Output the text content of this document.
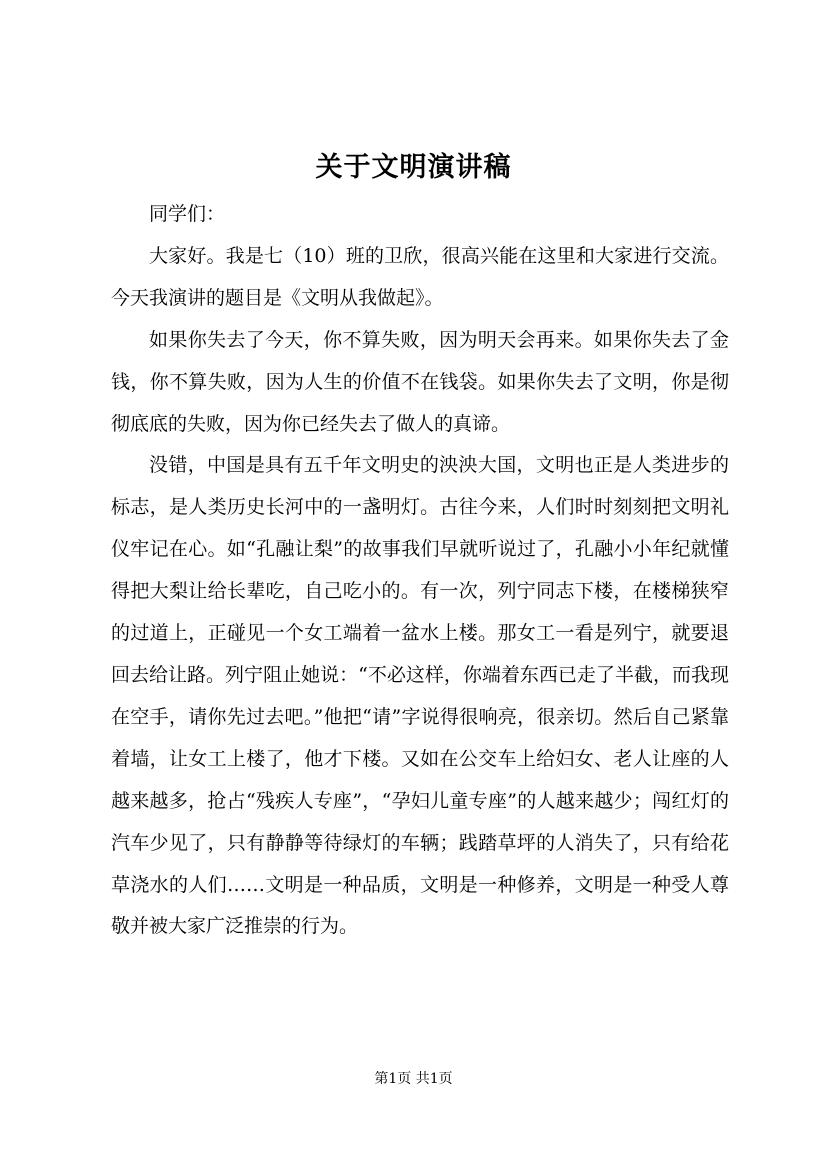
关于文明演讲稿

同学们：

大家好。我是七（10）班的卫欣，很高兴能在这里和大家进行交流。今天我演讲的题目是《文明从我做起》。

如果你失去了今天，你不算失败，因为明天会再来。如果你失去了金钱，你不算失败，因为人生的价值不在钱袋。如果你失去了文明，你是彻彻底底的失败，因为你已经失去了做人的真谛。

没错，中国是具有五千年文明史的泱泱大国，文明也正是人类进步的标志，是人类历史长河中的一盏明灯。古往今来，人们时时刻刻把文明礼仪牢记在心。如“孔融让梨”的故事我们早就听说过了，孔融小小年纪就懂得把大梨让给长辈吃，自己吃小的。有一次，列宁同志下楼，在楼梯狭窄的过道上，正碰见一个女工端着一盆水上楼。那女工一看是列宁，就要退回去给让路。列宁阻止她说：“不必这样，你端着东西已走了半截，而我现在空手，请你先过去吧。”他把“请”字说得很响亮，很亲切。然后自己紧靠着墙，让女工上楼了，他才下楼。又如在公交车上给妇女、老人让座的人越来越多，抢占“残疾人专座”，“孕妇儿童专座”的人越来越少；闯红灯的汽车少见了，只有静静等待绿灯的车辆；践踏草坪的人消失了，只有给花草浇水的人们……文明是一种品质，文明是一种修养，文明是一种受人尊敬并被大家广泛推崇的行为。

第1页 共1页
